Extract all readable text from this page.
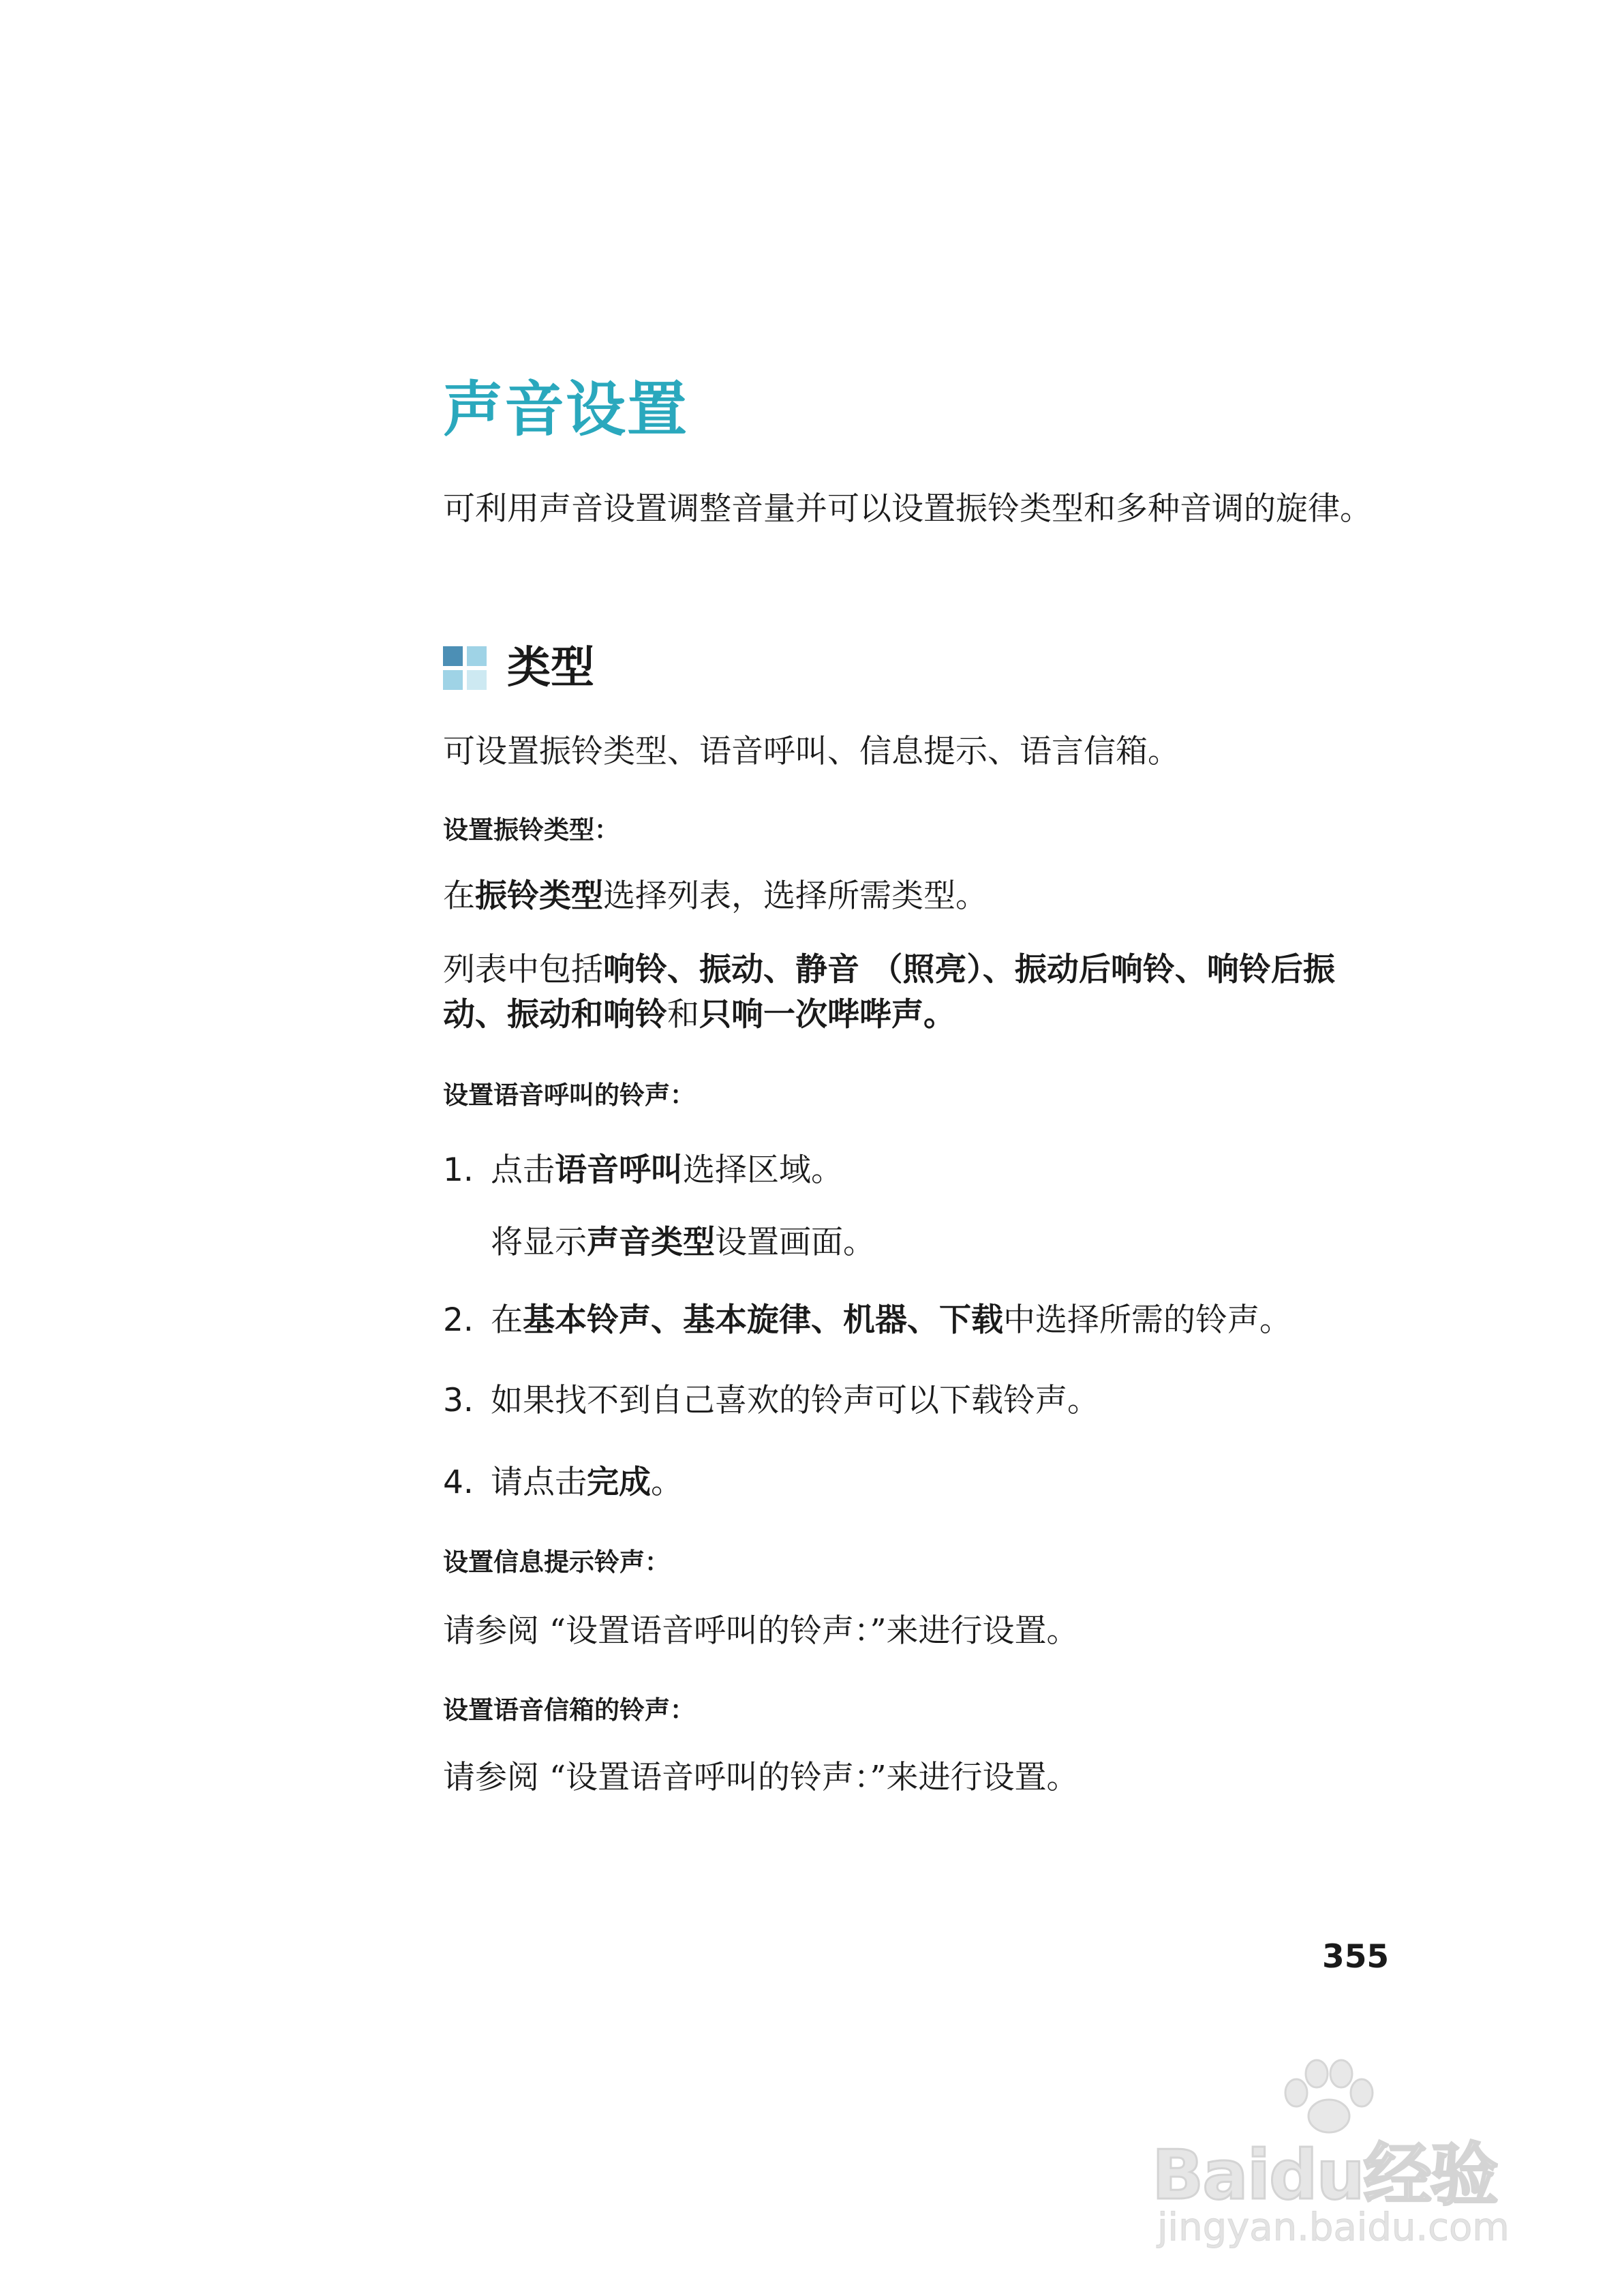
声音设置

可利用声音设置调整音量并可以设置振铃类型和多种音调的旋律。

类型

可设置振铃类型、语音呼叫、信息提示、语言信箱。

设置振铃类型：

在振铃类型选择列表，选择所需类型。

列表中包括响铃、振动、静音 （照亮）、振动后响铃、响铃后振动、振动和响铃和只响一次哔哔声。

设置语音呼叫的铃声：

1. 点击语音呼叫选择区域。

将显示声音类型设置画面。

2. 在基本铃声、基本旋律、机器、下载中选择所需的铃声。

3. 如果找不到自己喜欢的铃声可以下载铃声。

4. 请点击完成。

设置信息提示铃声：

请参阅 “设置语音呼叫的铃声：”来进行设置。

设置语音信箱的铃声：

请参阅 “设置语音呼叫的铃声：”来进行设置。

355

Baidu经验
jingyan.baidu.com
